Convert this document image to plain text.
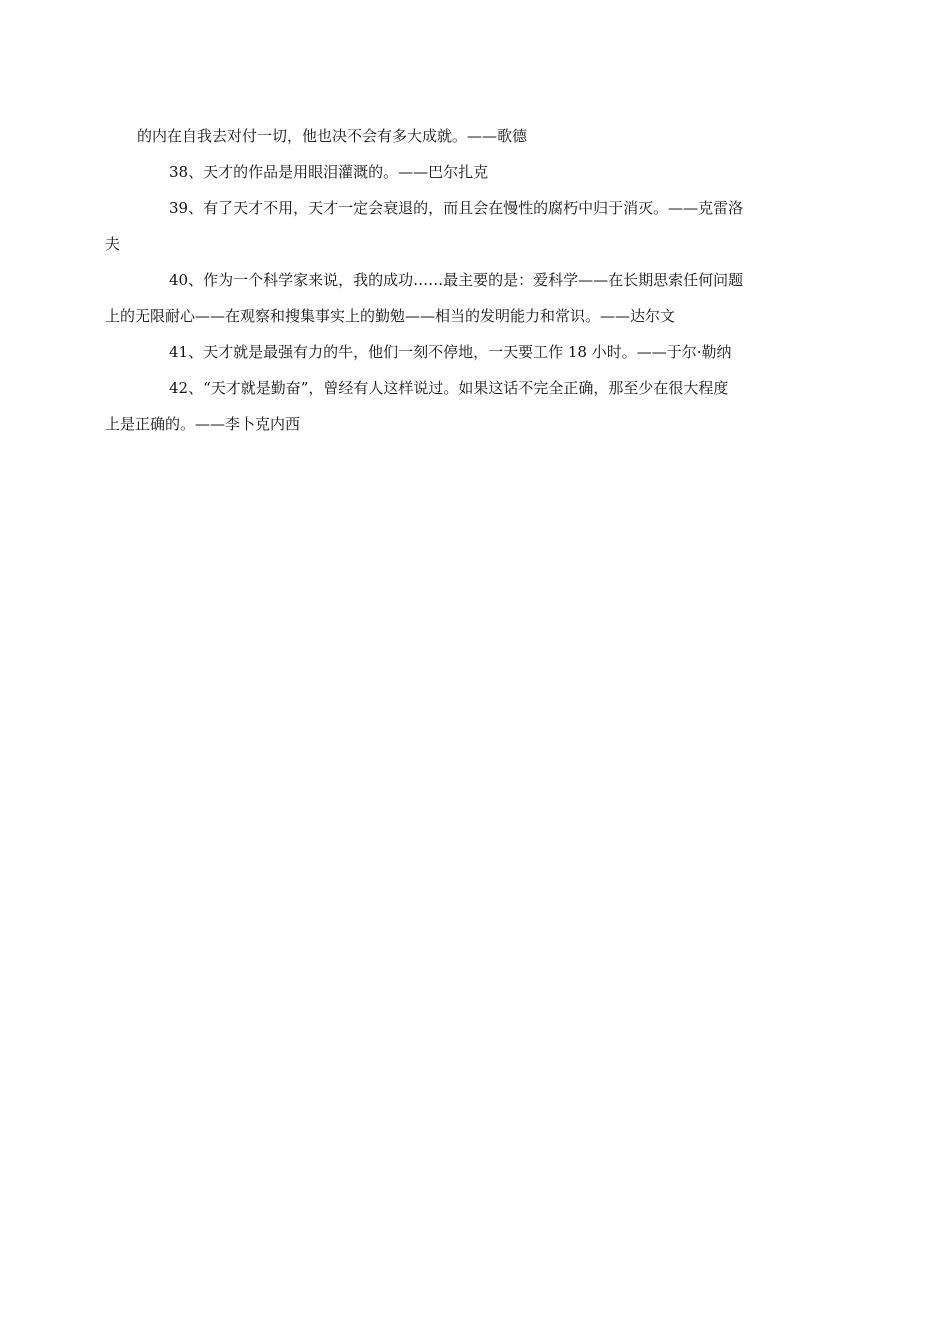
的内在自我去对付一切，他也决不会有多大成就。——歌德

38、天才的作品是用眼泪灌溉的。——巴尔扎克

39、有了天才不用，天才一定会衰退的，而且会在慢性的腐朽中归于消灭。——克雷洛
夫

40、作为一个科学家来说，我的成功……最主要的是：爱科学——在长期思索任何问题
上的无限耐心——在观察和搜集事实上的勤勉——相当的发明能力和常识。——达尔文

41、天才就是最强有力的牛，他们一刻不停地，一天要工作 18 小时。——于尔·勒纳

42、“天才就是勤奋”，曾经有人这样说过。如果这话不完全正确，那至少在很大程度
上是正确的。——李卜克内西
